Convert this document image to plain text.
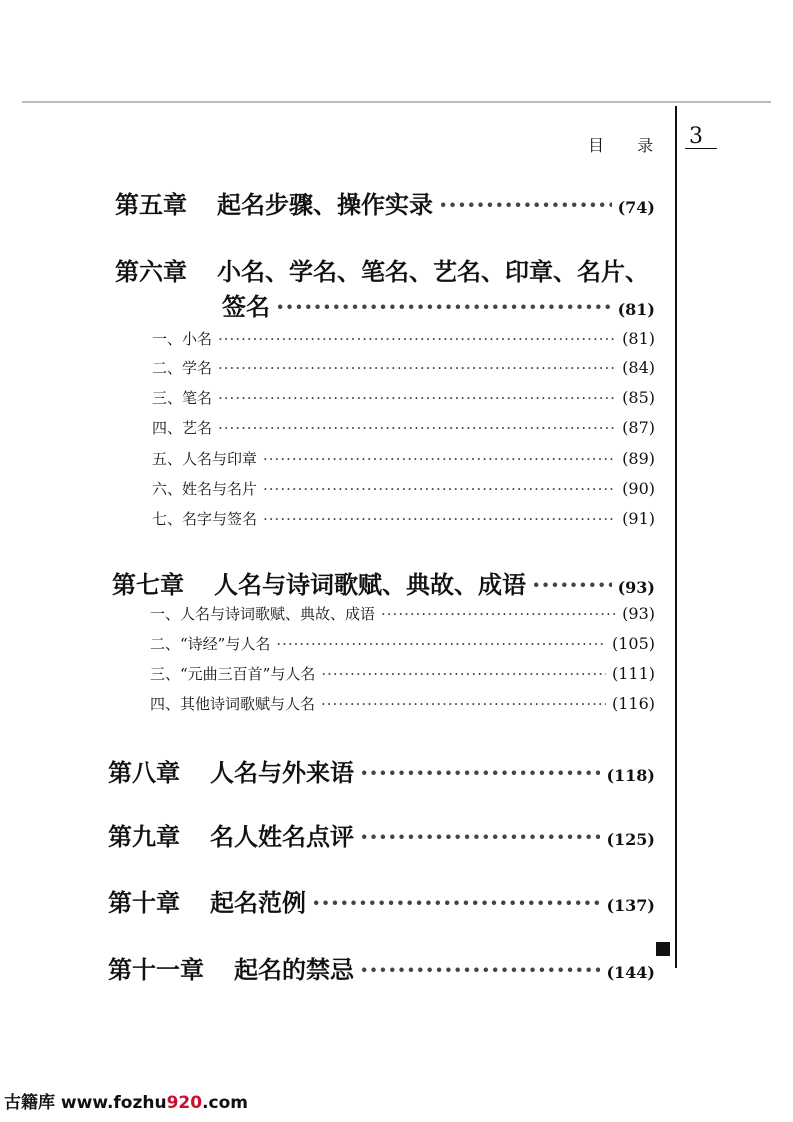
目 录 3
第五章 起名步骤、操作实录 ·····	(74)
第六章 小名、学名、笔名、艺名、印章、名片、
签名 ·····	(81)
一、小名 ·····	(81)
二、学名 ·····	(84)
三、笔名 ·····	(85)
四、艺名 ·····	(87)
五、人名与印章 ·····	(89)
六、姓名与名片 ·····	(90)
七、名字与签名 ·····	(91)
第七章 人名与诗词歌赋、典故、成语 ·····	(93)
一、人名与诗词歌赋、典故、成语 ·····	(93)
二、“诗经”与人名 ·····	(105)
三、“元曲三百首”与人名 ·····	(111)
四、其他诗词歌赋与人名 ·····	(116)
第八章 人名与外来语 ·····	(118)
第九章 名人姓名点评 ·····	(125)
第十章 起名范例 ·····	(137)
第十一章 起名的禁忌 ·····	(144)
古籍库 www.fozhu920.com
